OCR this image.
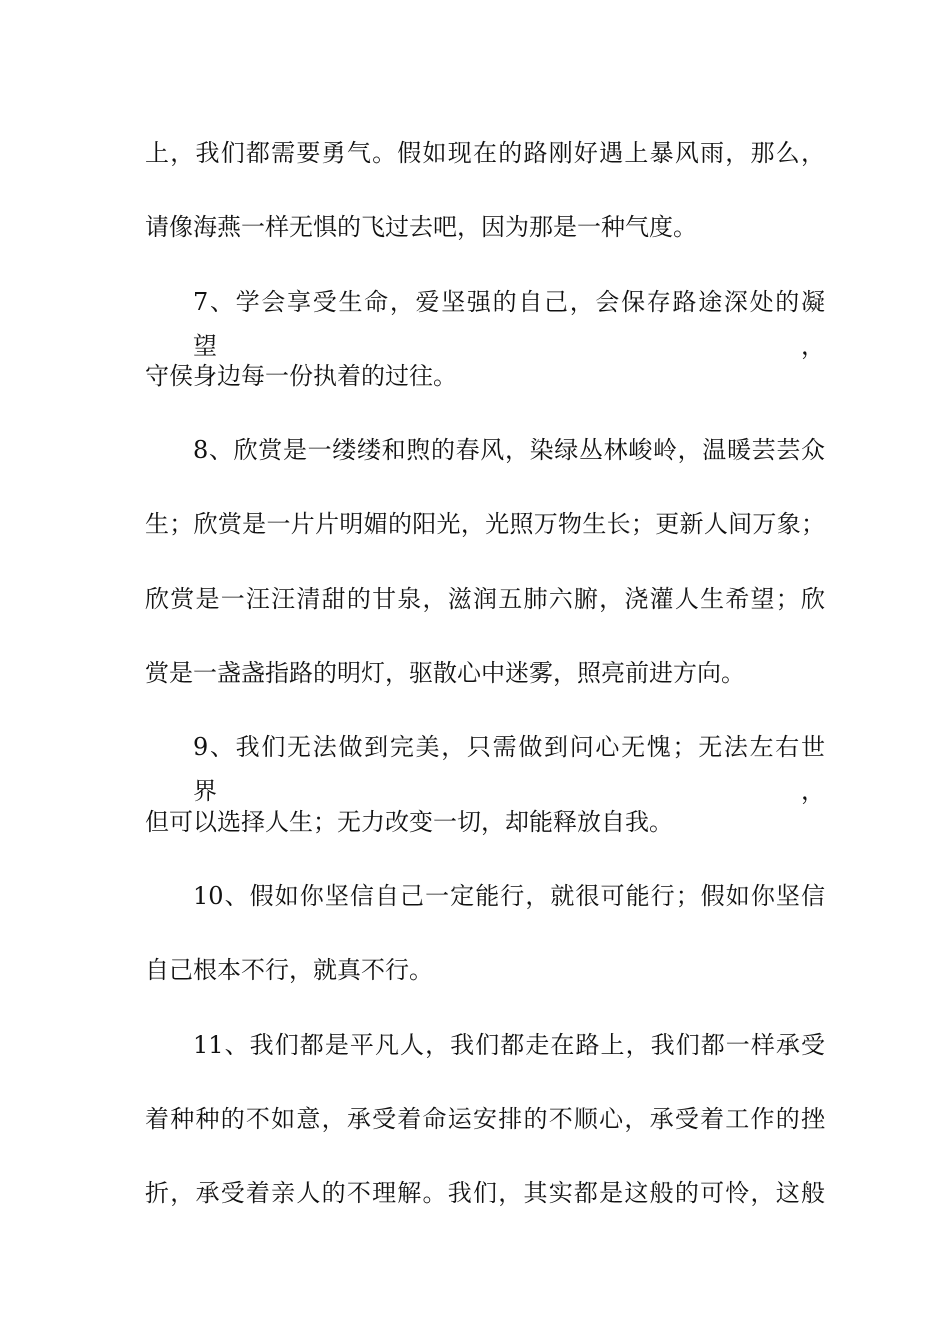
上，我们都需要勇气。假如现在的路刚好遇上暴风雨，那么，
请像海燕一样无惧的飞过去吧，因为那是一种气度。
7、学会享受生命，爱坚强的自己，会保存路途深处的凝望，
守侯身边每一份执着的过往。
8、欣赏是一缕缕和煦的春风，染绿丛林峻岭，温暖芸芸众
生；欣赏是一片片明媚的阳光，光照万物生长；更新人间万象；
欣赏是一汪汪清甜的甘泉，滋润五肺六腑，浇灌人生希望；欣
赏是一盏盏指路的明灯，驱散心中迷雾，照亮前进方向。
9、我们无法做到完美，只需做到问心无愧；无法左右世界，
但可以选择人生；无力改变一切，却能释放自我。
10、假如你坚信自己一定能行，就很可能行；假如你坚信
自己根本不行，就真不行。
11、我们都是平凡人，我们都走在路上，我们都一样承受
着种种的不如意，承受着命运安排的不顺心，承受着工作的挫
折，承受着亲人的不理解。我们，其实都是这般的可怜，这般
